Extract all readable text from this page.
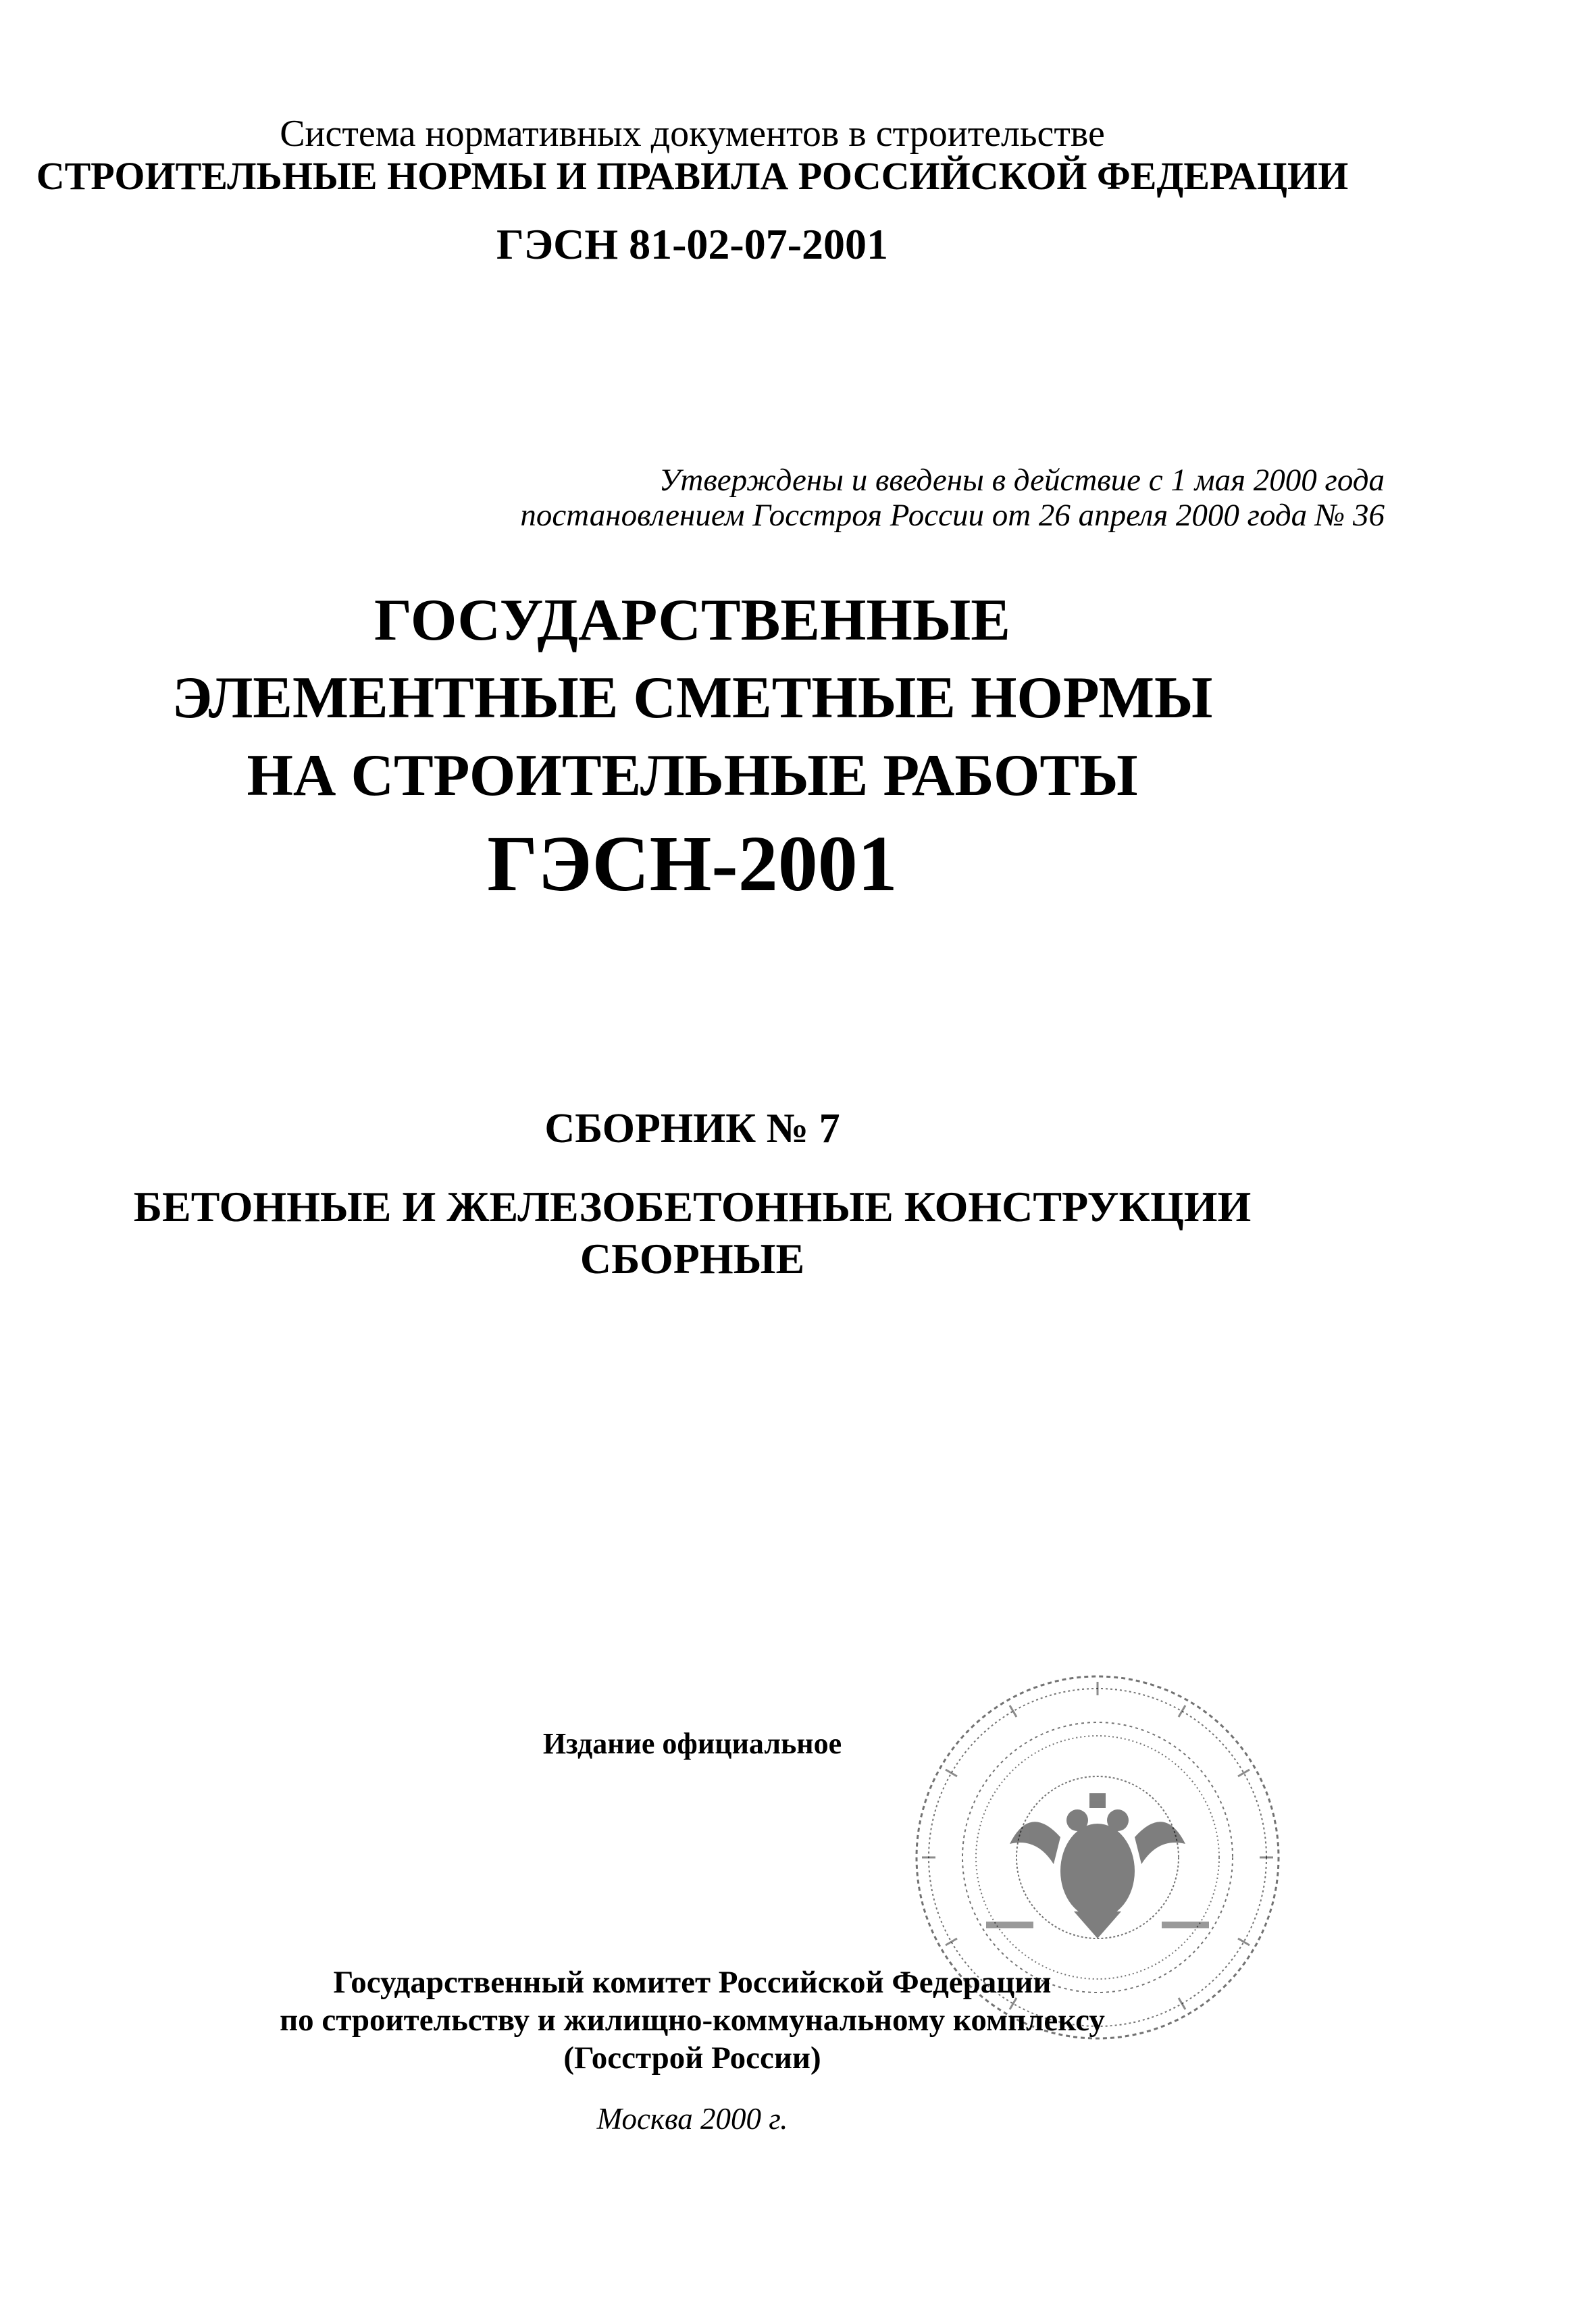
Система нормативных документов в строительстве
СТРОИТЕЛЬНЫЕ НОРМЫ И ПРАВИЛА РОССИЙСКОЙ ФЕДЕРАЦИИ
ГЭСН 81-02-07-2001
Утверждены и введены в действие с 1 мая 2000 года
постановлением Госстроя России от 26 апреля 2000 года № 36
ГОСУДАРСТВЕННЫЕ
ЭЛЕМЕНТНЫЕ СМЕТНЫЕ НОРМЫ
НА СТРОИТЕЛЬНЫЕ РАБОТЫ
ГЭСН-2001
СБОРНИК № 7
БЕТОННЫЕ И ЖЕЛЕЗОБЕТОННЫЕ КОНСТРУКЦИИ
СБОРНЫЕ
Издание официальное
Государственный комитет Российской Федерации
по строительству и жилищно-коммунальному комплексу
(Госстрой России)
Москва 2000 г.
